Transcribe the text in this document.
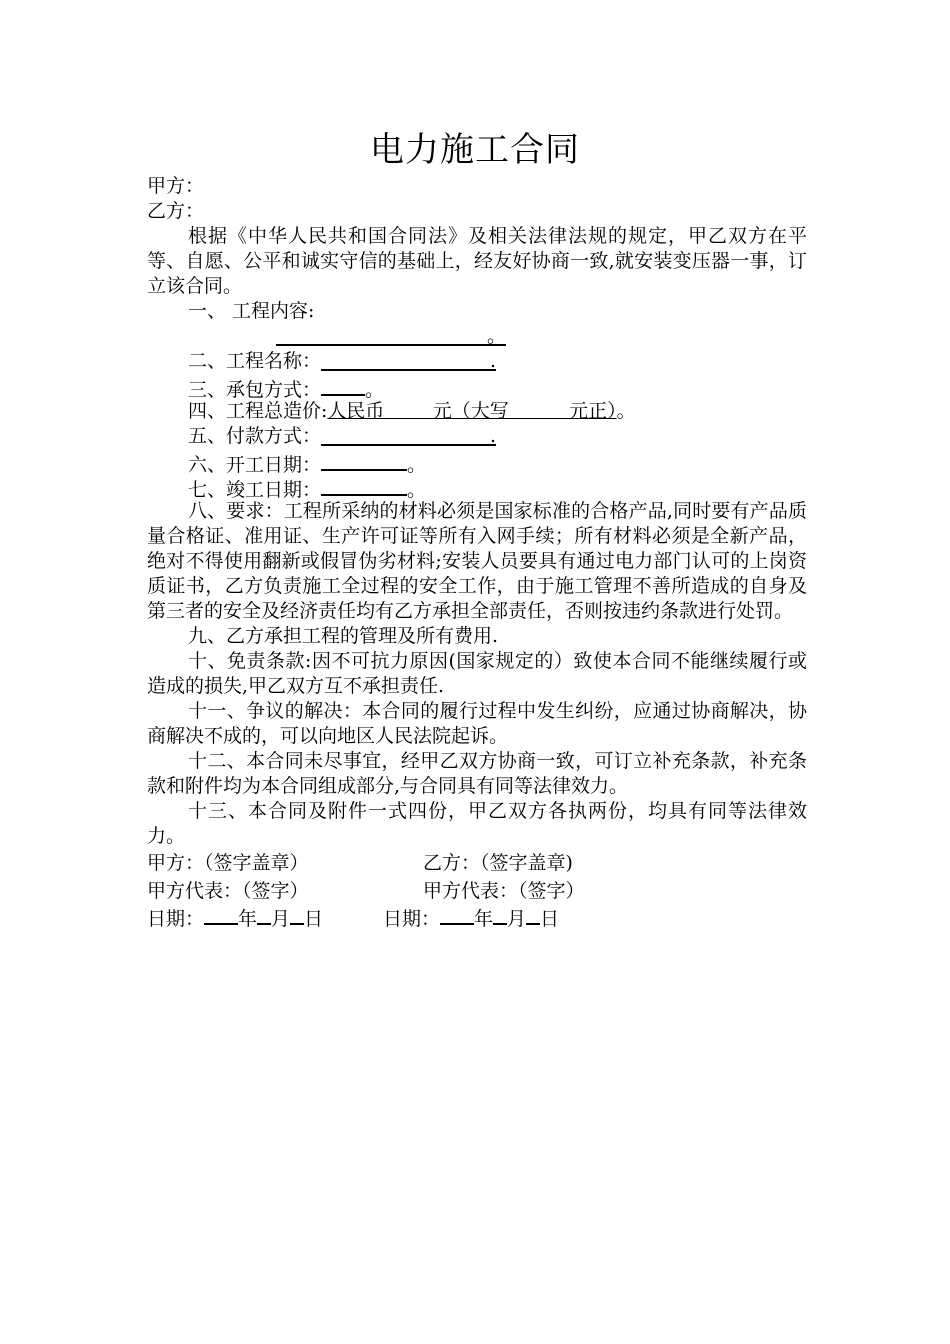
电力施工合同
甲方：
乙方：
根据《中华人民共和国合同法》及相关法律法规的规定，甲乙双方在平等、自愿、公平和诚实守信的基础上，经友好协商一致,就安装变压器一事，订立该合同。
一、 工程内容:
。
二、工程名称：	.
三、承包方式： 。
四、工程总造价:人民币        元（大写          元正）。
五、付款方式：	.
六、开工日期：	。
七、竣工日期：	。
八、要求：工程所采纳的材料必须是国家标准的合格产品,同时要有产品质量合格证、准用证、生产许可证等所有入网手续；所有材料必须是全新产品，绝对不得使用翻新或假冒伪劣材料;安装人员要具有通过电力部门认可的上岗资质证书，乙方负责施工全过程的安全工作，由于施工管理不善所造成的自身及第三者的安全及经济责任均有乙方承担全部责任，否则按违约条款进行处罚。
九、乙方承担工程的管理及所有费用.
十、免责条款:因不可抗力原因(国家规定的）致使本合同不能继续履行或造成的损失,甲乙双方互不承担责任.
十一、争议的解决：本合同的履行过程中发生纠纷，应通过协商解决，协商解决不成的，可以向地区人民法院起诉。
十二、本合同未尽事宜，经甲乙双方协商一致，可订立补充条款，补充条款和附件均为本合同组成部分,与合同具有同等法律效力。
十三、本合同及附件一式四份，甲乙双方各执两份，均具有同等法律效力。
甲方：（签字盖章）	乙方：（签字盖章)
甲方代表：（签字）	甲方代表：（签字）
日期： 年 月 日	日期： 年 月 日
